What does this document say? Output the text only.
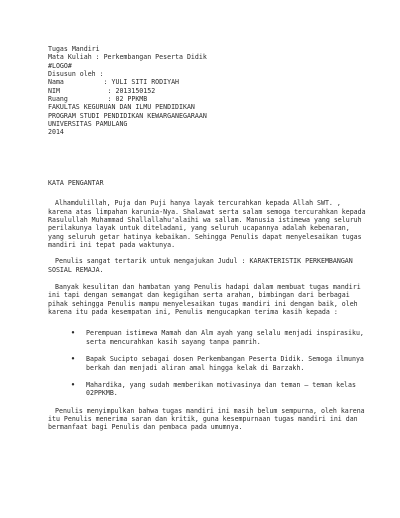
Tugas Mandiri
Mata Kuliah : Perkembangan Peserta Didik
#LOGO#
Disusun oleh :
Nama          : YULI SITI RODIYAH
NIM            : 2013150152
Ruang          : 02 PPKMB
FAKULTAS KEGURUAN DAN ILMU PENDIDIKAN
PROGRAM STUDI PENDIDIKAN KEWARGANEGARAAN
UNIVERSITAS PAMULANG
2014
KATA PENGANTAR

Alhamdulillah, Puja dan Puji hanya layak tercurahkan kepada Allah SWT. , karena atas limpahan karunia-Nya. Shalawat serta salam semoga tercurahkan kepada Rasulullah Muhammad Shallallahu'alaihi wa sallam. Manusia istimewa yang seluruh perilakunya layak untuk diteladani, yang seluruh ucapannya adalah kebenaran, yang seluruh getar hatinya kebaikan. Sehingga Penulis dapat menyelesaikan tugas mandiri ini tepat pada waktunya.

Penulis sangat tertarik untuk mengajukan Judul : KARAKTERISTIK PERKEMBANGAN SOSIAL REMAJA.

Banyak kesulitan dan hambatan yang Penulis hadapi dalam membuat tugas mandiri ini tapi dengan semangat dan kegigihan serta arahan, bimbingan dari berbagai pihak sehingga Penulis mampu menyelesaikan tugas mandiri ini dengan baik, oleh karena itu pada kesempatan ini, Penulis mengucapkan terima kasih kepada :

• Perempuan istimewa Mamah dan Alm ayah yang selalu menjadi inspirasiku, serta mencurahkan kasih sayang tanpa pamrih.
• Bapak Sucipto sebagai dosen Perkembangan Peserta Didik. Semoga ilmunya berkah dan menjadi aliran amal hingga kelak di Barzakh.
• Mahardika, yang sudah memberikan motivasinya dan teman – teman kelas 02PPKMB.

Penulis menyimpulkan bahwa tugas mandiri ini masih belum sempurna, oleh karena itu Penulis menerima saran dan kritik, guna kesempurnaan tugas mandiri ini dan bermanfaat bagi Penulis dan pembaca pada umumnya.
